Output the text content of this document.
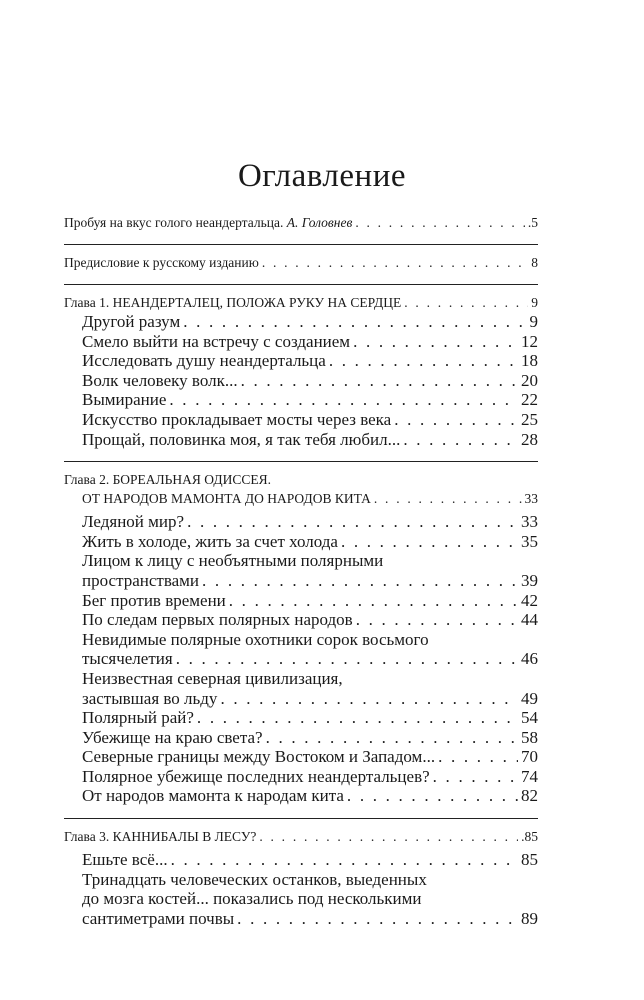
Оглавление
Пробуя на вкус голого неандертальца. А. Головнев . . .	.5
Предисловие к русскому изданию . . .	8
Глава 1. НЕАНДЕРТАЛЕЦ, ПОЛОЖА РУКУ НА СЕРДЦЕ . . .	9
Другой разум . . .	9
Смело выйти на встречу с созданием . . .	12
Исследовать душу неандертальца . . .	18
Волк человеку волк... . . .	20
Вымирание . . .	22
Искусство прокладывает мосты через века . . .	25
Прощай, половинка моя, я так тебя любил... . . .	28
Глава 2. БОРЕАЛЬНАЯ ОДИССЕЯ.
ОТ НАРОДОВ МАМОНТА ДО НАРОДОВ КИТА . . .	33
Ледяной мир? . . .	33
Жить в холоде, жить за счет холода . . .	35
Лицом к лицу с необъятными полярными
пространствами . . .	39
Бег против времени . . .	42
По следам первых полярных народов . . .	44
Невидимые полярные охотники сорок восьмого
тысячелетия . . .	46
Неизвестная северная цивилизация,
застывшая во льду . . .	49
Полярный рай? . . .	54
Убежище на краю света? . . .	58
Северные границы между Востоком и Западом... . . .	70
Полярное убежище последних неандертальцев? . . .	74
От народов мамонта к народам кита . . .	82
Глава 3. КАННИБАЛЫ В ЛЕСУ? . . .	.85
Ешьте всё... . . .	85
Тринадцать человеческих останков, выеденных
до мозга костей... показались под несколькими
сантиметрами почвы . . .	89
